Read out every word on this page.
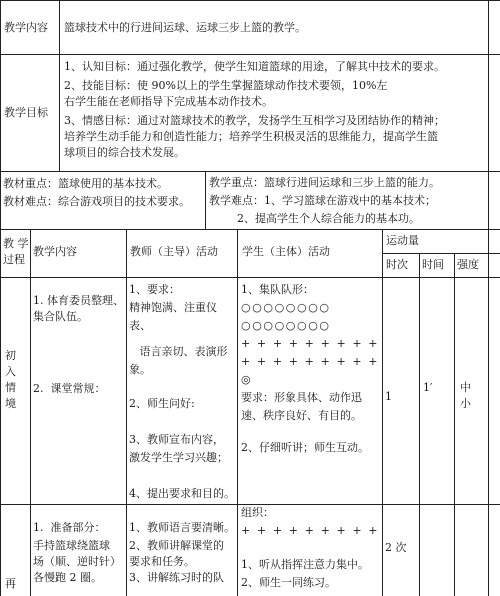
教学内容 篮球技术中的行进间运球、运球三步上篮的教学。
教学目标
1、认知目标：通过强化教学，使学生知道篮球的用途，了解其中技术的要求。
2、技能目标：使 90%以上的学生掌握篮球动作技术要领，10%左
右学生能在老师指导下完成基本动作技术。
3、情感目标：通过对篮球技术的教学，发扬学生互相学习及团结协作的精神；
培养学生动手能力和创造性能力；培养学生积极灵活的思维能力，提高学生篮
球项目的综合技术发展。
教材重点：篮球使用的基本技术。
教材难点：综合游戏项目的技术要求。
教学重点：篮球行进间运球和三步上篮的能力。
教学难点：1、学习篮球在游戏中的基本技术；
2、提高学生个人综合能力的基本功。
教 学
过程
教学内容	教师（主导）活动 学生（主体）活动
运动量
时次 时间 强度
初
入
情
境
1. 体育委员整理、
集合队伍。
2.  课堂常规：
1、要求：
精神饱满、注重仪
表、
语言亲切、表演形
象。
2、师生问好:
3、教师宣布内容，
激发学生学习兴趣；
4、提出要求和目的。
1、集队队形：
○○○○○○○○
○○○○○○○○
+ + + + + + + + +
+ + + + + + + + +
◎
要求：形象具体、动作迅
速、秩序良好、有目的。
2、仔细听讲；师生互动。
1
1′	中
小
再
1.  准备部分：
手持篮球绕篮球
场（顺、逆时针）
各慢跑 2 圈。
1、教师语言要清晰。
2、教师讲解课堂的
要求和任务。
3、讲解练习时的队
组织：
+ + + + + + + + +
1、听从指挥注意力集中。
2、师生一同练习。
2 次
